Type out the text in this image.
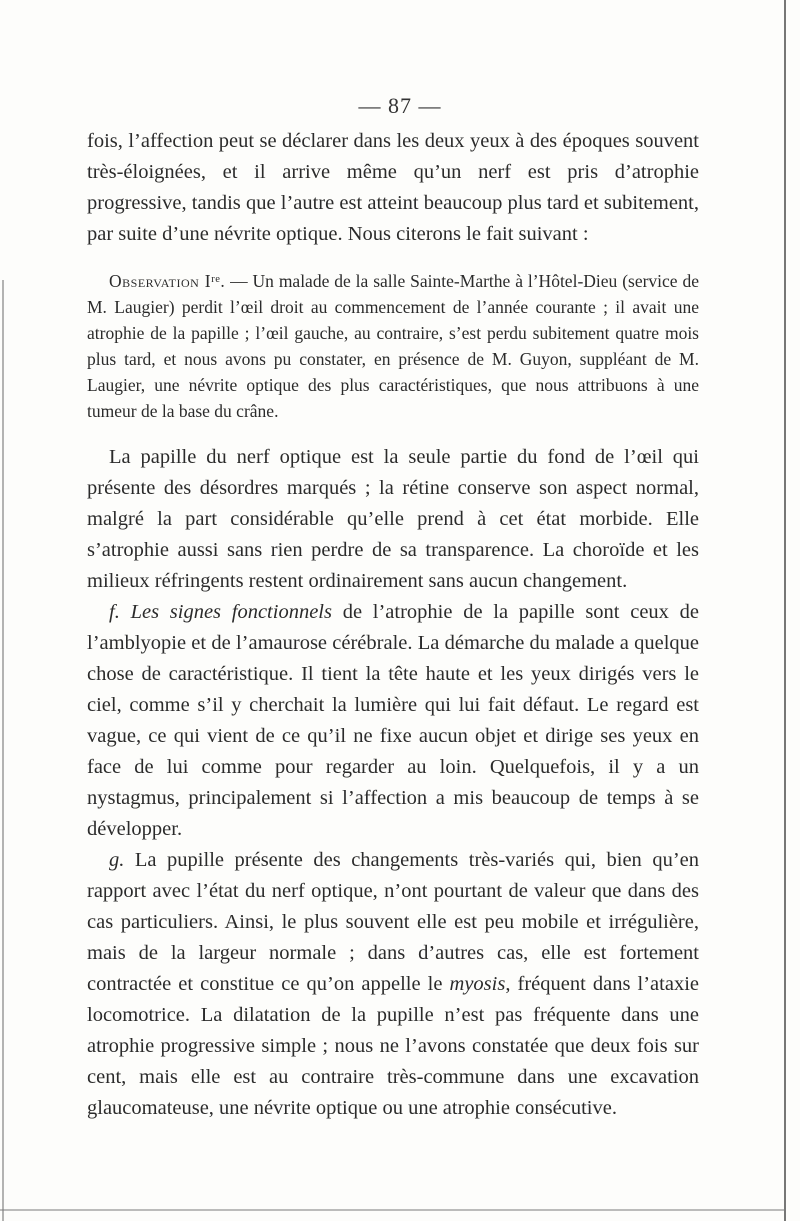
— 87 —

fois, l’affection peut se déclarer dans les deux yeux à des époques souvent très-éloignées, et il arrive même qu’un nerf est pris d’atrophie progressive, tandis que l’autre est atteint beaucoup plus tard et subitement, par suite d’une névrite optique. Nous citerons le fait suivant :

Observation Iʳᵉ. — Un malade de la salle Sainte-Marthe à l’Hôtel-Dieu (service de M. Laugier) perdit l’œil droit au commencement de l’année courante ; il avait une atrophie de la papille ; l’œil gauche, au contraire, s’est perdu subitement quatre mois plus tard, et nous avons pu constater, en présence de M. Guyon, suppléant de M. Laugier, une névrite optique des plus caractéristiques, que nous attribuons à une tumeur de la base du crâne.

La papille du nerf optique est la seule partie du fond de l’œil qui présente des désordres marqués ; la rétine conserve son aspect normal, malgré la part considérable qu’elle prend à cet état morbide. Elle s’atrophie aussi sans rien perdre de sa transparence. La choroïde et les milieux réfringents restent ordinairement sans aucun changement.

f. Les signes fonctionnels de l’atrophie de la papille sont ceux de l’amblyopie et de l’amaurose cérébrale. La démarche du malade a quelque chose de caractéristique. Il tient la tête haute et les yeux dirigés vers le ciel, comme s’il y cherchait la lumière qui lui fait défaut. Le regard est vague, ce qui vient de ce qu’il ne fixe aucun objet et dirige ses yeux en face de lui comme pour regarder au loin. Quelquefois, il y a un nystagmus, principalement si l’affection a mis beaucoup de temps à se développer.

g. La pupille présente des changements très-variés qui, bien qu’en rapport avec l’état du nerf optique, n’ont pourtant de valeur que dans des cas particuliers. Ainsi, le plus souvent elle est peu mobile et irrégulière, mais de la largeur normale ; dans d’autres cas, elle est fortement contractée et constitue ce qu’on appelle le myosis, fréquent dans l’ataxie locomotrice. La dilatation de la pupille n’est pas fréquente dans une atrophie progressive simple ; nous ne l’avons constatée que deux fois sur cent, mais elle est au contraire très-commune dans une excavation glaucomateuse, une névrite optique ou une atrophie consécutive.
